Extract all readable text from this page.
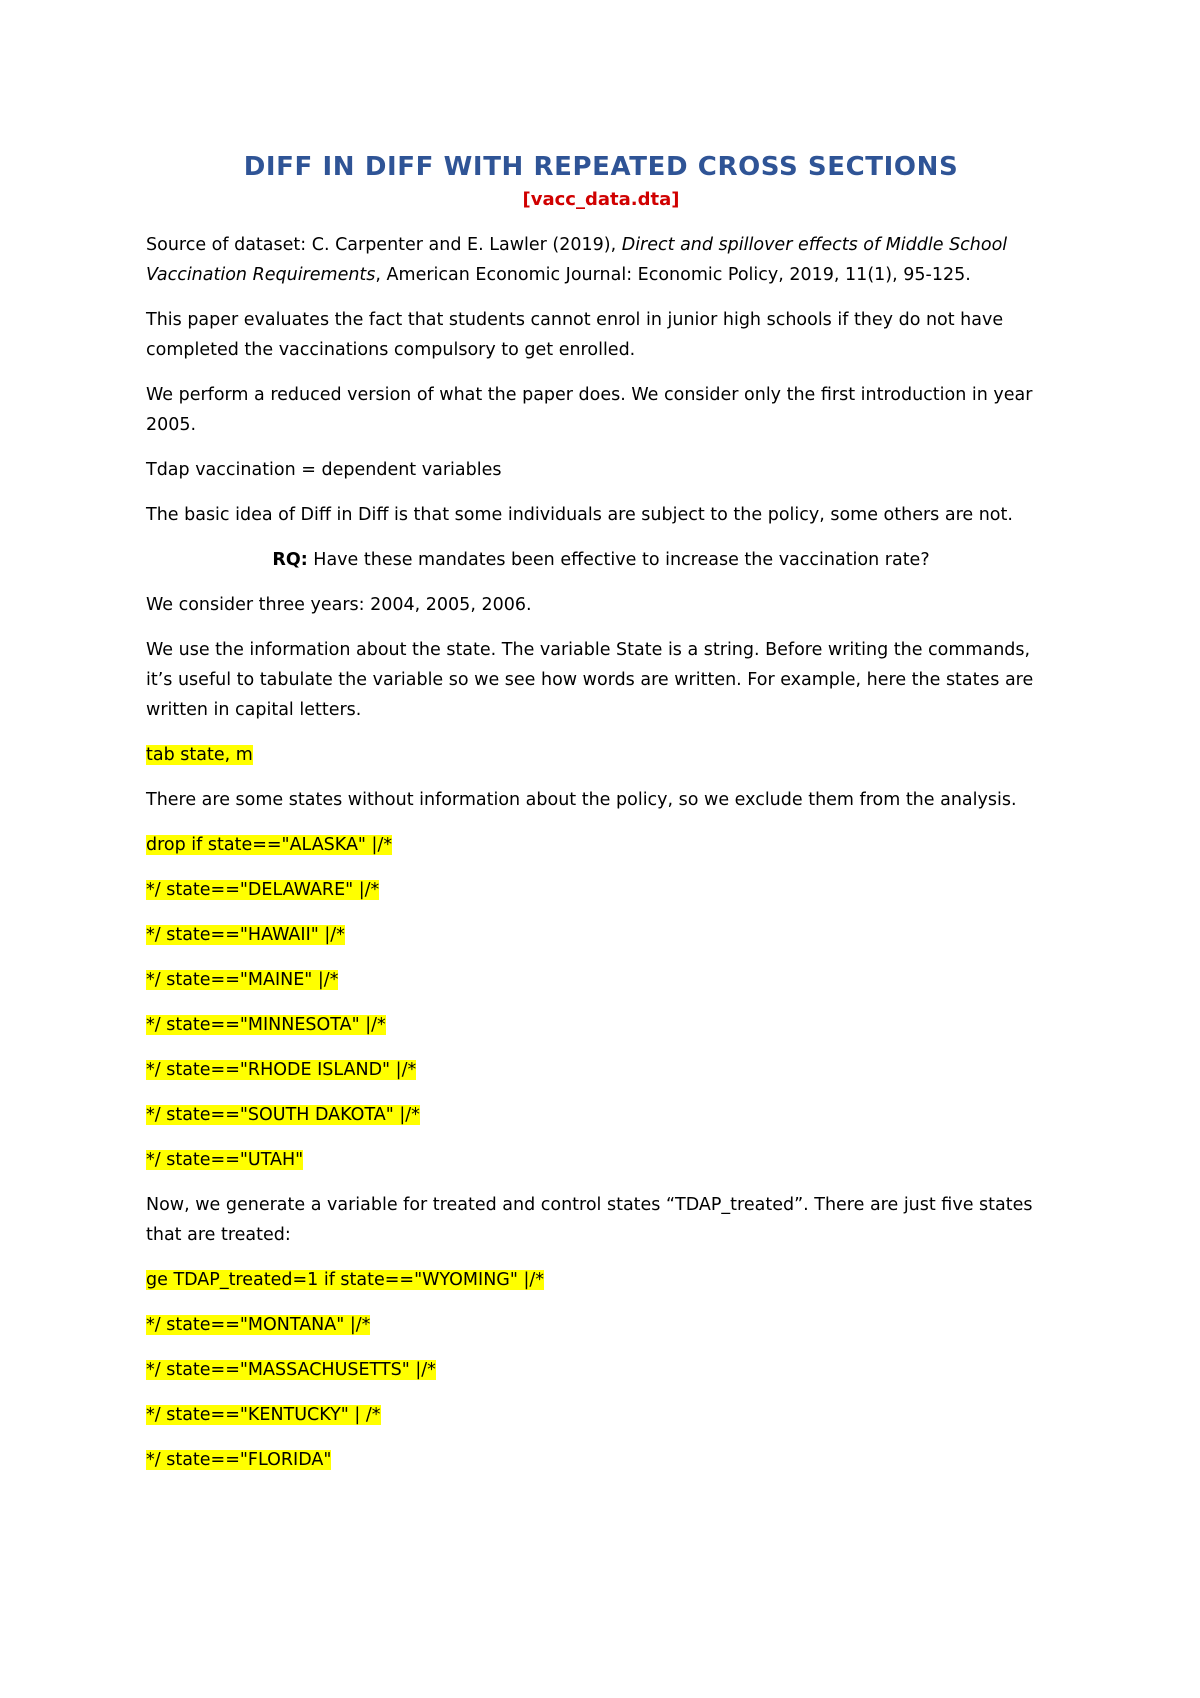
DIFF IN DIFF WITH REPEATED CROSS SECTIONS
[vacc_data.dta]

Source of dataset: C. Carpenter and E. Lawler (2019), Direct and spillover effects of Middle School Vaccination Requirements, American Economic Journal: Economic Policy, 2019, 11(1), 95-125.

This paper evaluates the fact that students cannot enrol in junior high schools if they do not have completed the vaccinations compulsory to get enrolled.

We perform a reduced version of what the paper does. We consider only the first introduction in year 2005.

Tdap vaccination = dependent variables

The basic idea of Diff in Diff is that some individuals are subject to the policy, some others are not.

RQ: Have these mandates been effective to increase the vaccination rate?

We consider three years: 2004, 2005, 2006.

We use the information about the state. The variable State is a string. Before writing the commands, it’s useful to tabulate the variable so we see how words are written. For example, here the states are written in capital letters.

tab state, m

There are some states without information about the policy, so we exclude them from the analysis.

drop if state=="ALASKA" |/*

*/ state=="DELAWARE" |/*

*/ state=="HAWAII" |/*

*/ state=="MAINE" |/*

*/ state=="MINNESOTA" |/*

*/ state=="RHODE ISLAND" |/*

*/ state=="SOUTH DAKOTA" |/*

*/ state=="UTAH"

Now, we generate a variable for treated and control states “TDAP_treated”. There are just five states that are treated:

ge TDAP_treated=1 if state=="WYOMING" |/*

*/ state=="MONTANA" |/*

*/ state=="MASSACHUSETTS" |/*

*/ state=="KENTUCKY" | /*

*/ state=="FLORIDA"
